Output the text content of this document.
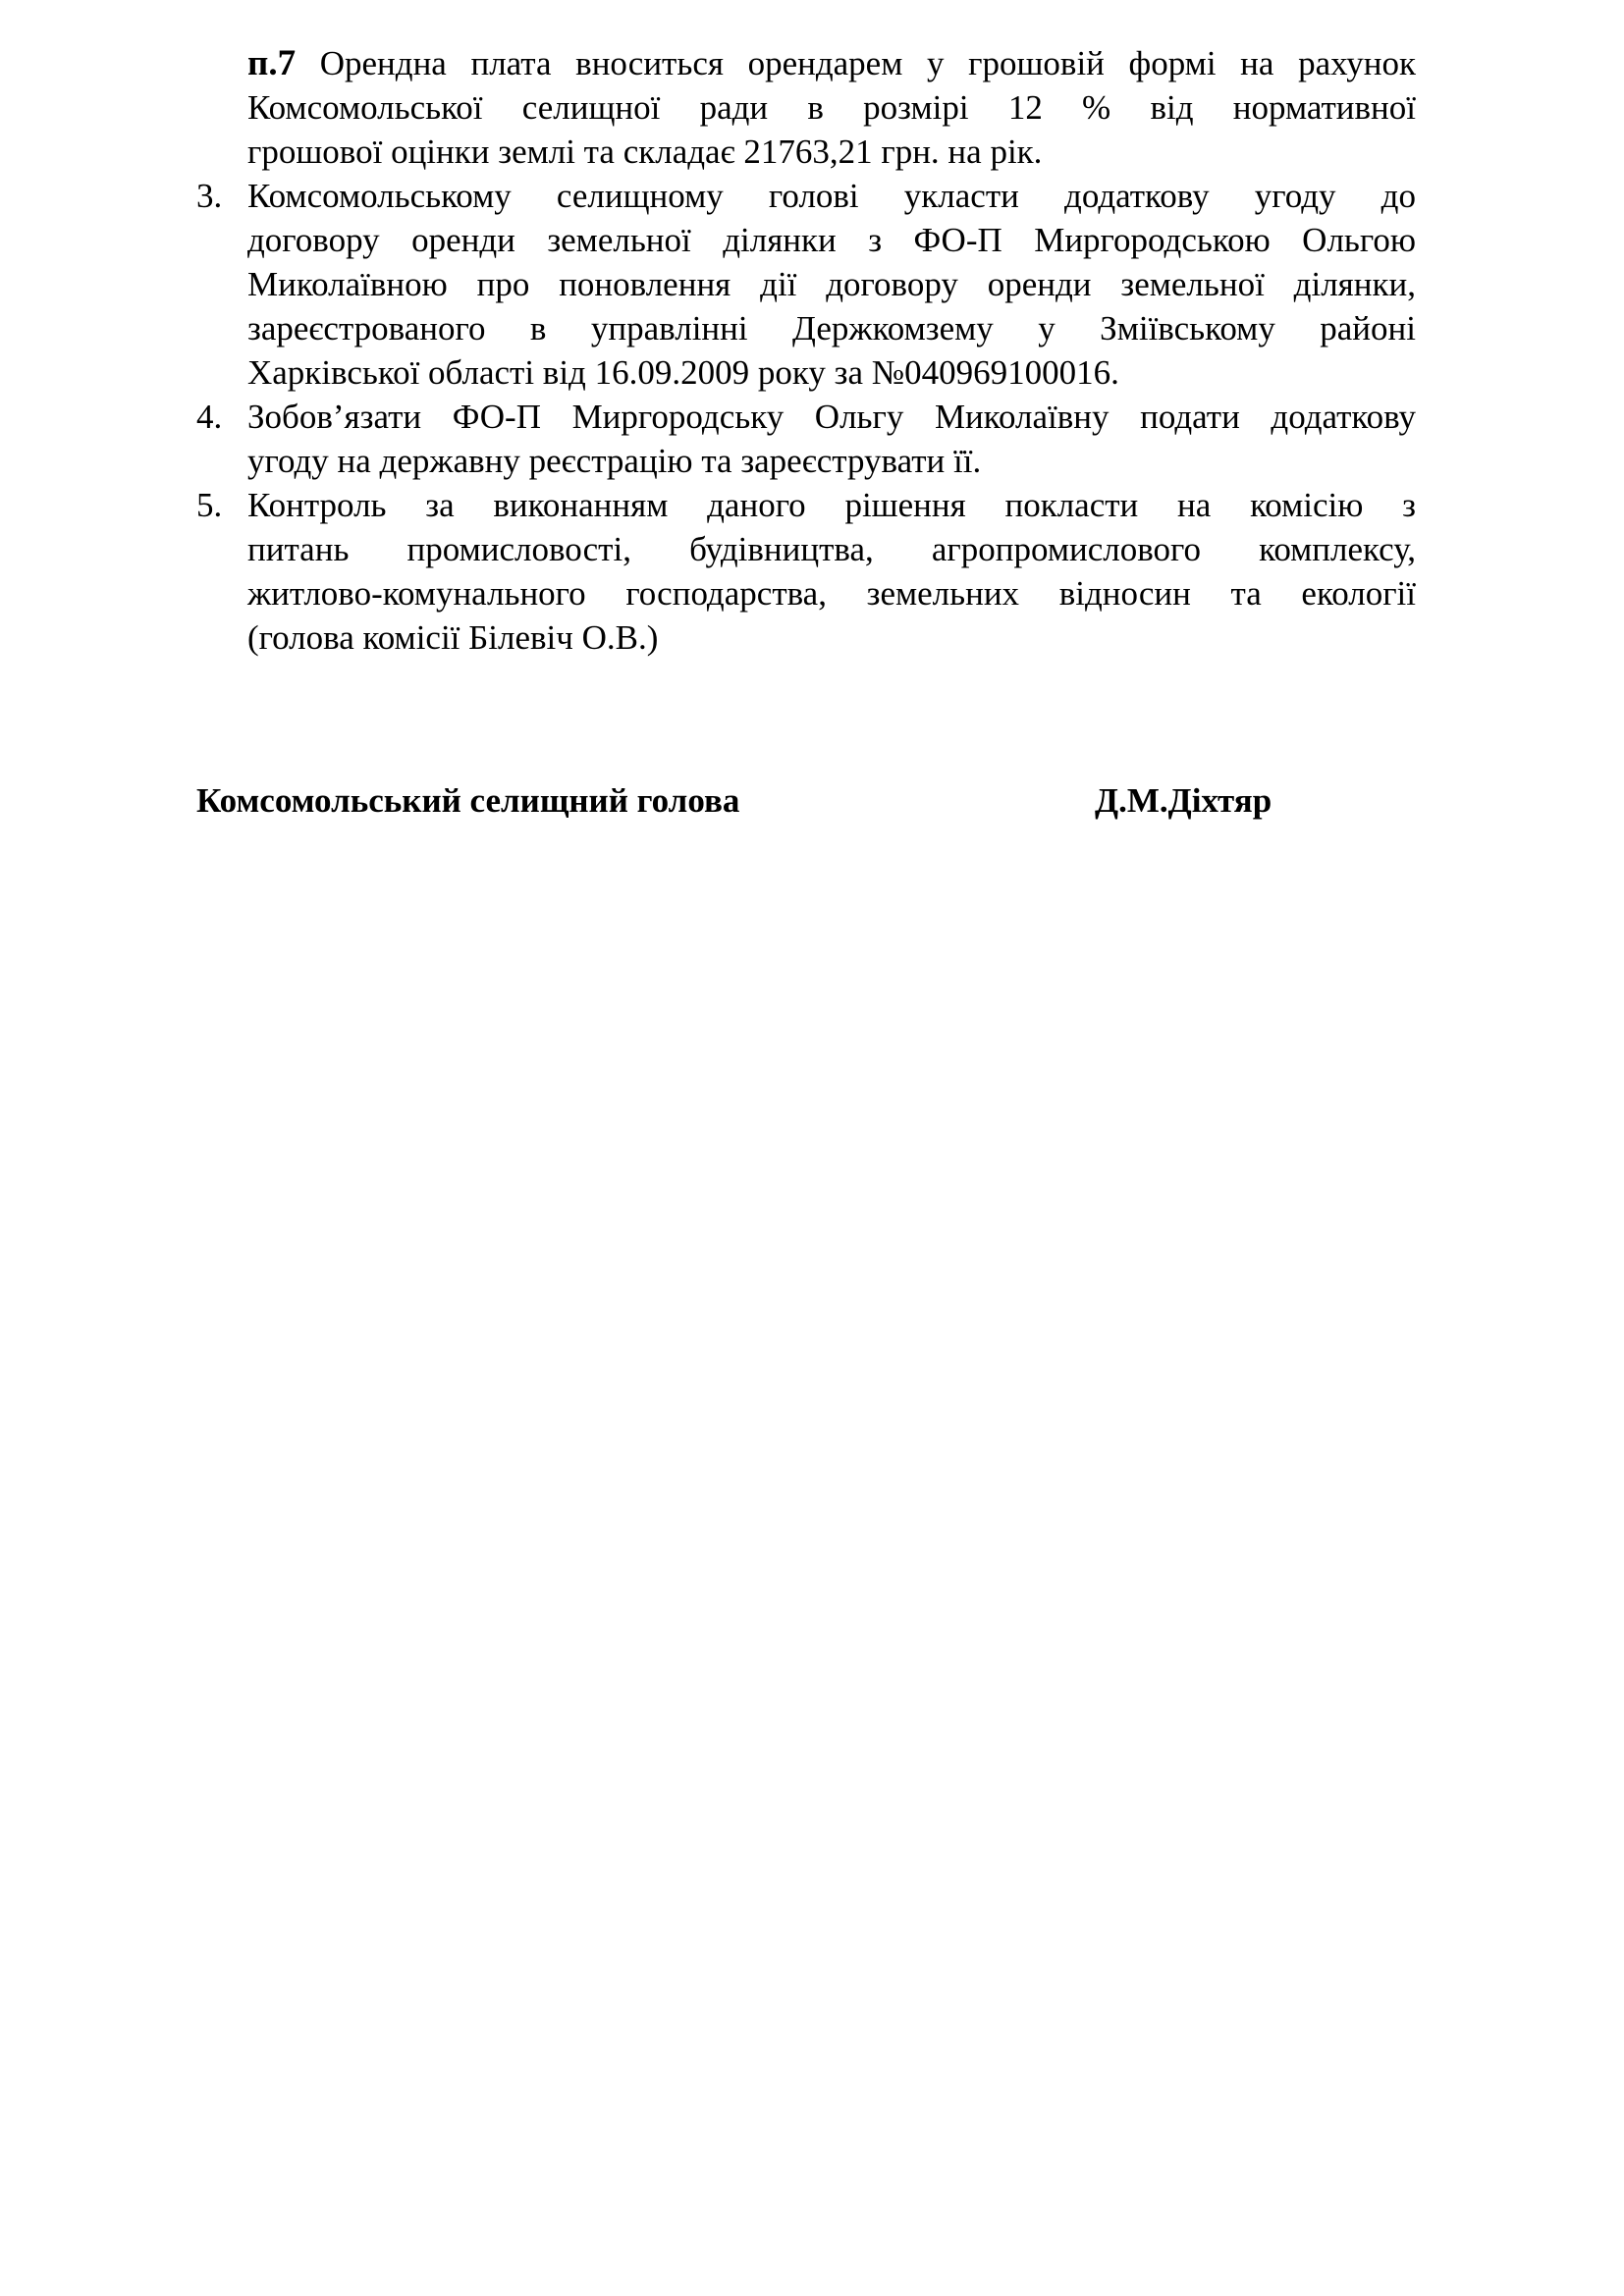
п.7 Орендна плата вноситься орендарем у грошовій формі на рахунок
Комсомольської селищної ради в розмірі 12 % від нормативної
грошової оцінки землі та складає 21763,21 грн. на рік.
3. Комсомольському селищному голові укласти додаткову угоду до
договору оренди земельної ділянки з ФО-П Миргородською Ольгою
Миколаївною про поновлення дії договору оренди земельної ділянки,
зареєстрованого в управлінні Держкомзему у Зміївському районі
Харківської області від 16.09.2009 року за №040969100016.
4. Зобов’язати ФО-П Миргородську Ольгу Миколаївну подати додаткову
угоду на державну реєстрацію та зареєструвати її.
5. Контроль за виконанням даного рішення покласти на комісію з
питань промисловості, будівництва, агропромислового комплексу,
житлово-комунального господарства, земельних відносин та екології
(голова комісії Білевіч О.В.)
Комсомольський селищний голова	Д.М.Діхтяр
